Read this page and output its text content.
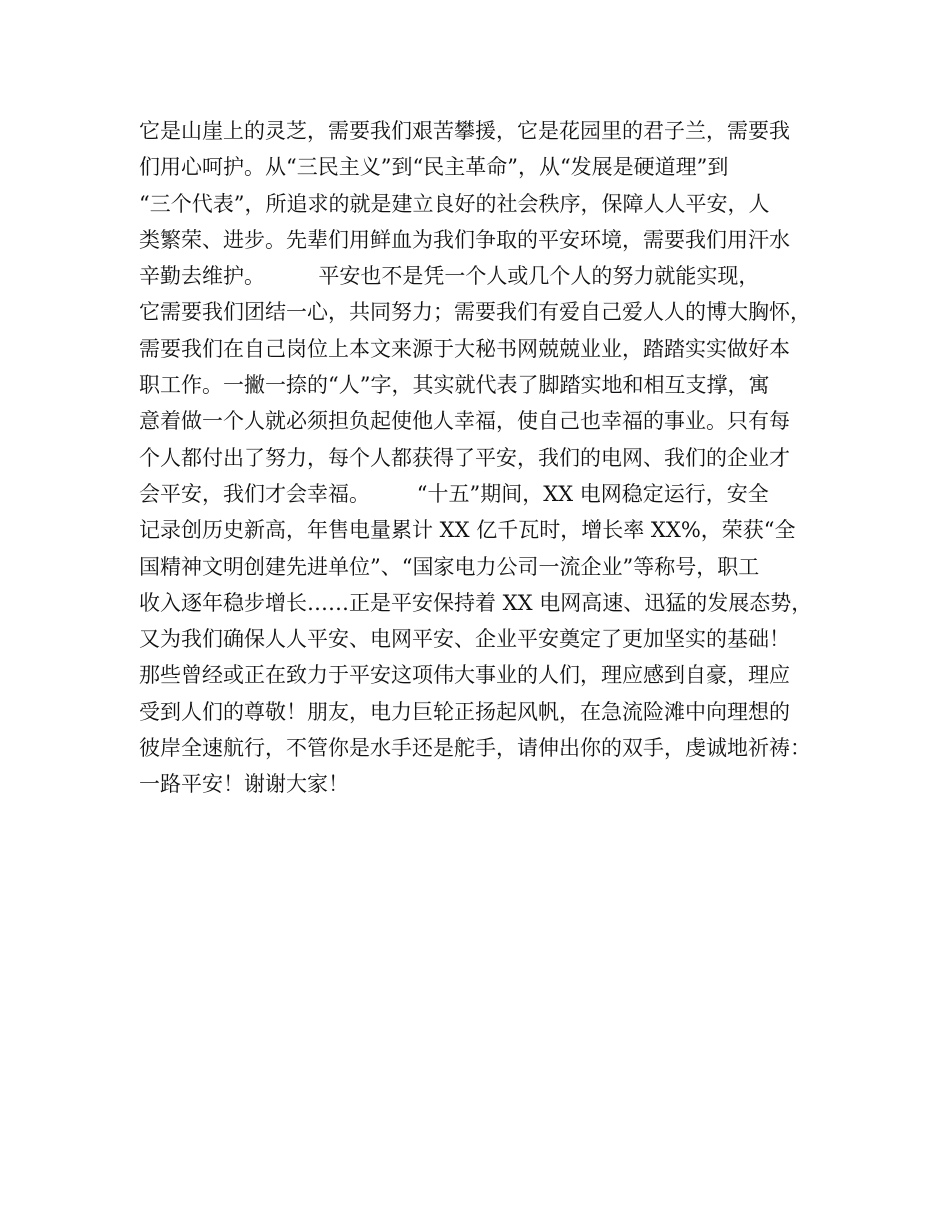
它是山崖上的灵芝，需要我们艰苦攀援，它是花园里的君子兰，需要我
们用心呵护。从“三民主义”到“民主革命”，从“发展是硬道理”到
“三个代表”，所追求的就是建立良好的社会秩序，保障人人平安，人
类繁荣、进步。先辈们用鲜血为我们争取的平安环境，需要我们用汗水
辛勤去维护。        平安也不是凭一个人或几个人的努力就能实现，
它需要我们团结一心，共同努力；需要我们有爱自己爱人人的博大胸怀，
需要我们在自己岗位上本文来源于大秘书网兢兢业业，踏踏实实做好本
职工作。一撇一捺的“人”字，其实就代表了脚踏实地和相互支撑，寓
意着做一个人就必须担负起使他人幸福，使自己也幸福的事业。只有每
个人都付出了努力，每个人都获得了平安，我们的电网、我们的企业才
会平安，我们才会幸福。       “十五”期间，XX 电网稳定运行，安全
记录创历史新高，年售电量累计 XX 亿千瓦时，增长率 XX%，荣获“全
国精神文明创建先进单位”、“国家电力公司一流企业”等称号，职工
收入逐年稳步增长……正是平安保持着 XX 电网高速、迅猛的发展态势，
又为我们确保人人平安、电网平安、企业平安奠定了更加坚实的基础！
那些曾经或正在致力于平安这项伟大事业的人们，理应感到自豪，理应
受到人们的尊敬！朋友，电力巨轮正扬起风帆，在急流险滩中向理想的
彼岸全速航行，不管你是水手还是舵手，请伸出你的双手，虔诚地祈祷：
一路平安！谢谢大家！
